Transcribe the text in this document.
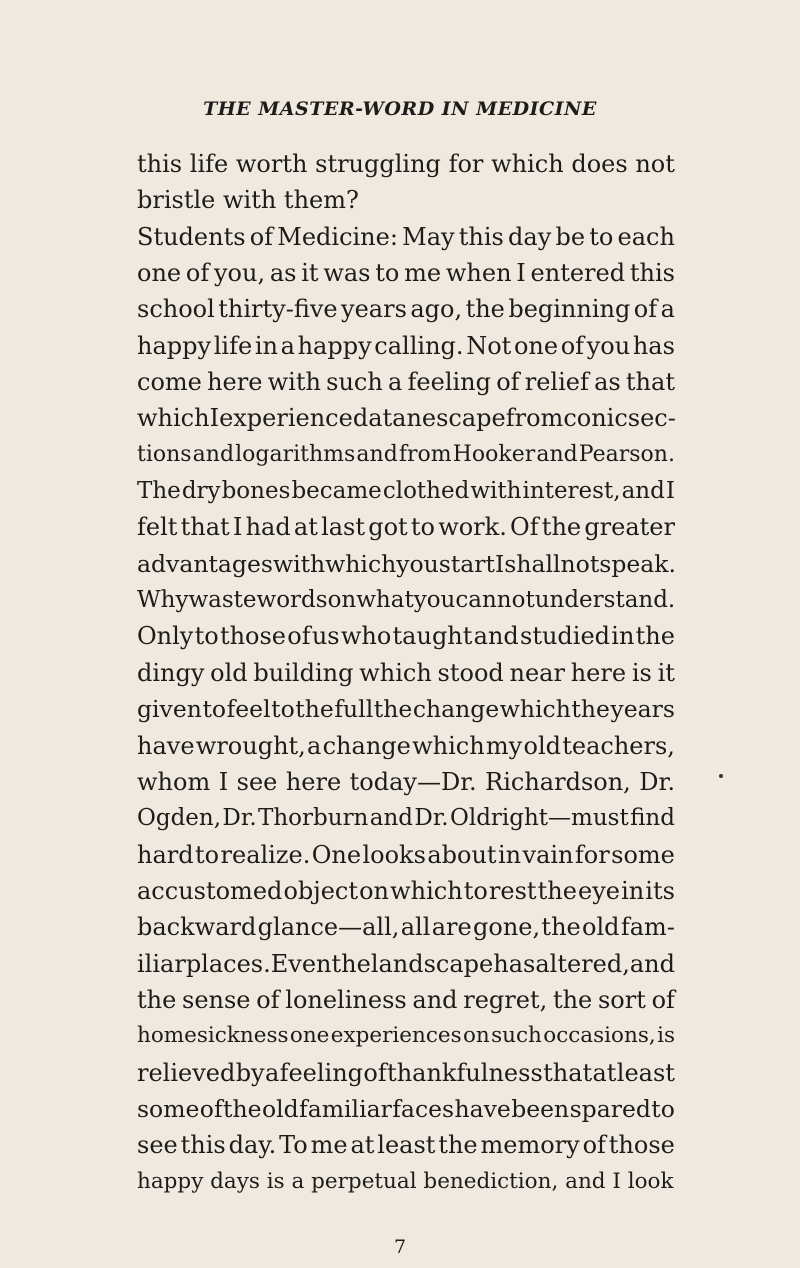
THE MASTER-WORD IN MEDICINE
this life worth struggling for which does not
bristle with them?
Students of Medicine: May this day be to each
one of you, as it was to me when I entered this
school thirty-five years ago, the beginning of a
happy life in a happy calling. Not one of you has
come here with such a feeling of relief as that
which I experienced at an escape from conic sec-
tions and logarithms and from Hooker and Pearson.
The dry bones became clothed with interest, and I
felt that I had at last got to work. Of the greater
advantages with which you start I shall not speak.
Why waste words on what you cannot understand.
Only to those of us who taught and studied in the
dingy old building which stood near here is it
given to feel to the full the change which the years
have wrought, a change which my old teachers,
whom I see here today—Dr. Richardson, Dr.
Ogden, Dr. Thorburn and Dr. Oldright—must find
hard to realize. One looks about in vain for some
accustomed object on which to rest the eye in its
backward glance—all, all are gone, the old fam-
iliar places. Even the landscape has altered, and
the sense of loneliness and regret, the sort of
homesickness one experiences on such occasions, is
relieved by a feeling of thankfulness that at least
some of the old familiar faces have been spared to
see this day. To me at least the memory of those
happy days is a perpetual benediction, and I look
7
